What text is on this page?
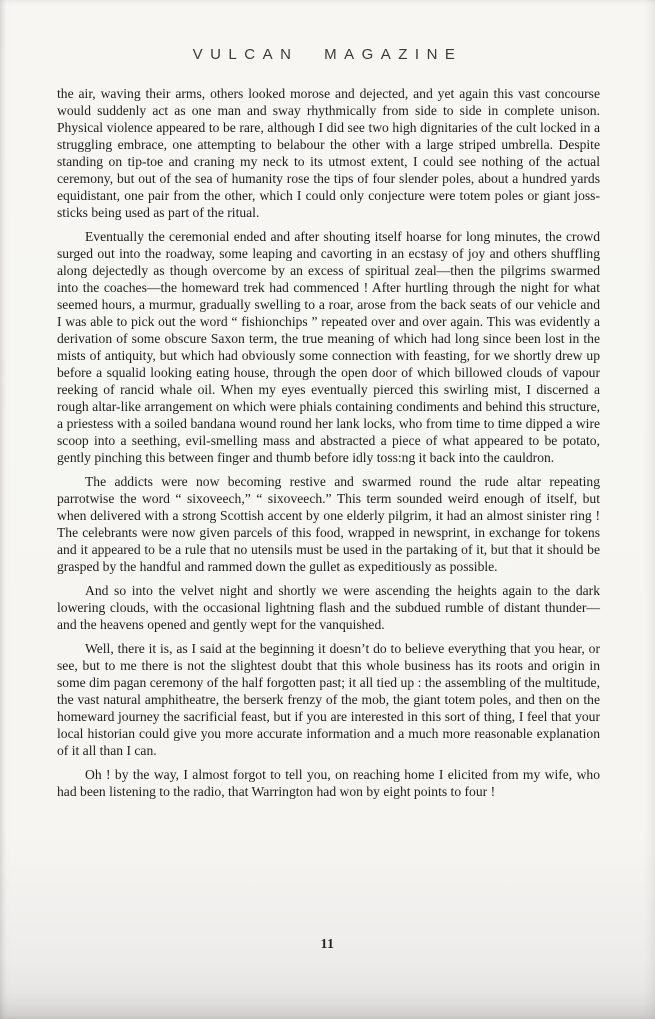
VULCAN MAGAZINE

the air, waving their arms, others looked morose and dejected, and yet again this vast concourse would suddenly act as one man and sway rhythmically from side to side in complete unison. Physical violence appeared to be rare, although I did see two high dignitaries of the cult locked in a struggling embrace, one attempting to belabour the other with a large striped umbrella. Despite standing on tip-toe and craning my neck to its utmost extent, I could see nothing of the actual ceremony, but out of the sea of humanity rose the tips of four slender poles, about a hundred yards equidistant, one pair from the other, which I could only conjecture were totem poles or giant joss-sticks being used as part of the ritual.

Eventually the ceremonial ended and after shouting itself hoarse for long minutes, the crowd surged out into the roadway, some leaping and cavorting in an ecstasy of joy and others shuffling along dejectedly as though overcome by an excess of spiritual zeal—then the pilgrims swarmed into the coaches—the homeward trek had commenced ! After hurtling through the night for what seemed hours, a murmur, gradually swelling to a roar, arose from the back seats of our vehicle and I was able to pick out the word “ fishionchips ” repeated over and over again. This was evidently a derivation of some obscure Saxon term, the true meaning of which had long since been lost in the mists of antiquity, but which had obviously some connection with feasting, for we shortly drew up before a squalid looking eating house, through the open door of which billowed clouds of vapour reeking of rancid whale oil. When my eyes eventually pierced this swirling mist, I discerned a rough altar-like arrangement on which were phials containing condiments and behind this structure, a priestess with a soiled bandana wound round her lank locks, who from time to time dipped a wire scoop into a seething, evil-smelling mass and abstracted a piece of what appeared to be potato, gently pinching this between finger and thumb before idly toss:ng it back into the cauldron.

The addicts were now becoming restive and swarmed round the rude altar repeating parrotwise the word “ sixoveech,” “ sixoveech.” This term sounded weird enough of itself, but when delivered with a strong Scottish accent by one elderly pilgrim, it had an almost sinister ring ! The celebrants were now given parcels of this food, wrapped in newsprint, in exchange for tokens and it appeared to be a rule that no utensils must be used in the partaking of it, but that it should be grasped by the handful and rammed down the gullet as expeditiously as possible.

And so into the velvet night and shortly we were ascending the heights again to the dark lowering clouds, with the occasional lightning flash and the subdued rumble of distant thunder—and the heavens opened and gently wept for the vanquished.

Well, there it is, as I said at the beginning it doesn’t do to believe everything that you hear, or see, but to me there is not the slightest doubt that this whole business has its roots and origin in some dim pagan ceremony of the half forgotten past; it all tied up : the assembling of the multitude, the vast natural amphitheatre, the berserk frenzy of the mob, the giant totem poles, and then on the homeward journey the sacrificial feast, but if you are interested in this sort of thing, I feel that your local historian could give you more accurate information and a much more reasonable explanation of it all than I can.

Oh ! by the way, I almost forgot to tell you, on reaching home I elicited from my wife, who had been listening to the radio, that Warrington had won by eight points to four !

11
